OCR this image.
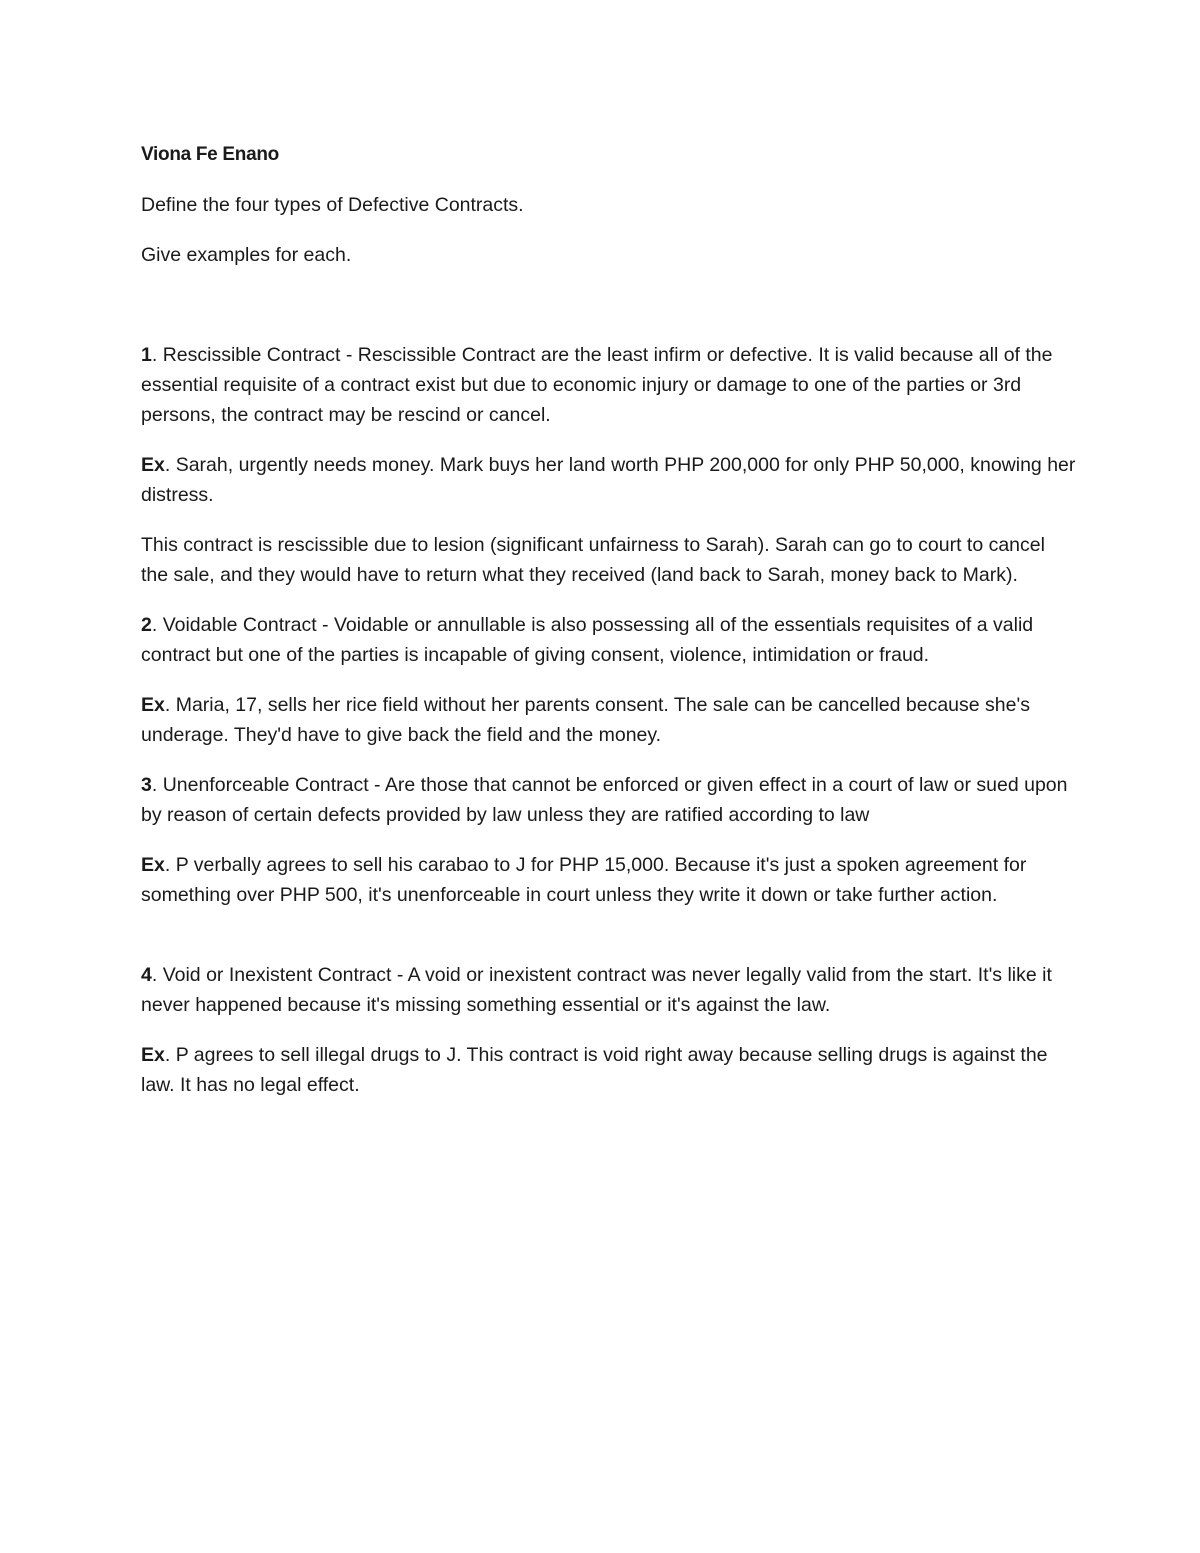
Viona Fe Enano

Define the four types of Defective Contracts.

Give examples for each.

1. Rescissible Contract - Rescissible Contract are the least infirm or defective. It is valid because all of the essential requisite of a contract exist but due to economic injury or damage to one of the parties or 3rd persons, the contract may be rescind or cancel.

Ex. Sarah, urgently needs money. Mark buys her land worth PHP 200,000 for only PHP 50,000, knowing her distress.

This contract is rescissible due to lesion (significant unfairness to Sarah). Sarah can go to court to cancel the sale, and they would have to return what they received (land back to Sarah, money back to Mark).

2. Voidable Contract - Voidable or annullable is also possessing all of the essentials requisites of a valid contract but one of the parties is incapable of giving consent, violence, intimidation or fraud.

Ex. Maria, 17, sells her rice field without her parents consent. The sale can be cancelled because she's underage. They'd have to give back the field and the money.

3. Unenforceable Contract - Are those that cannot be enforced or given effect in a court of law or sued upon by reason of certain defects provided by law unless they are ratified according to law

Ex. P verbally agrees to sell his carabao to J for PHP 15,000. Because it's just a spoken agreement for something over PHP 500, it's unenforceable in court unless they write it down or take further action.

4. Void or Inexistent Contract - A void or inexistent contract was never legally valid from the start. It's like it never happened because it's missing something essential or it's against the law.

Ex. P agrees to sell illegal drugs to J. This contract is void right away because selling drugs is against the law. It has no legal effect.
